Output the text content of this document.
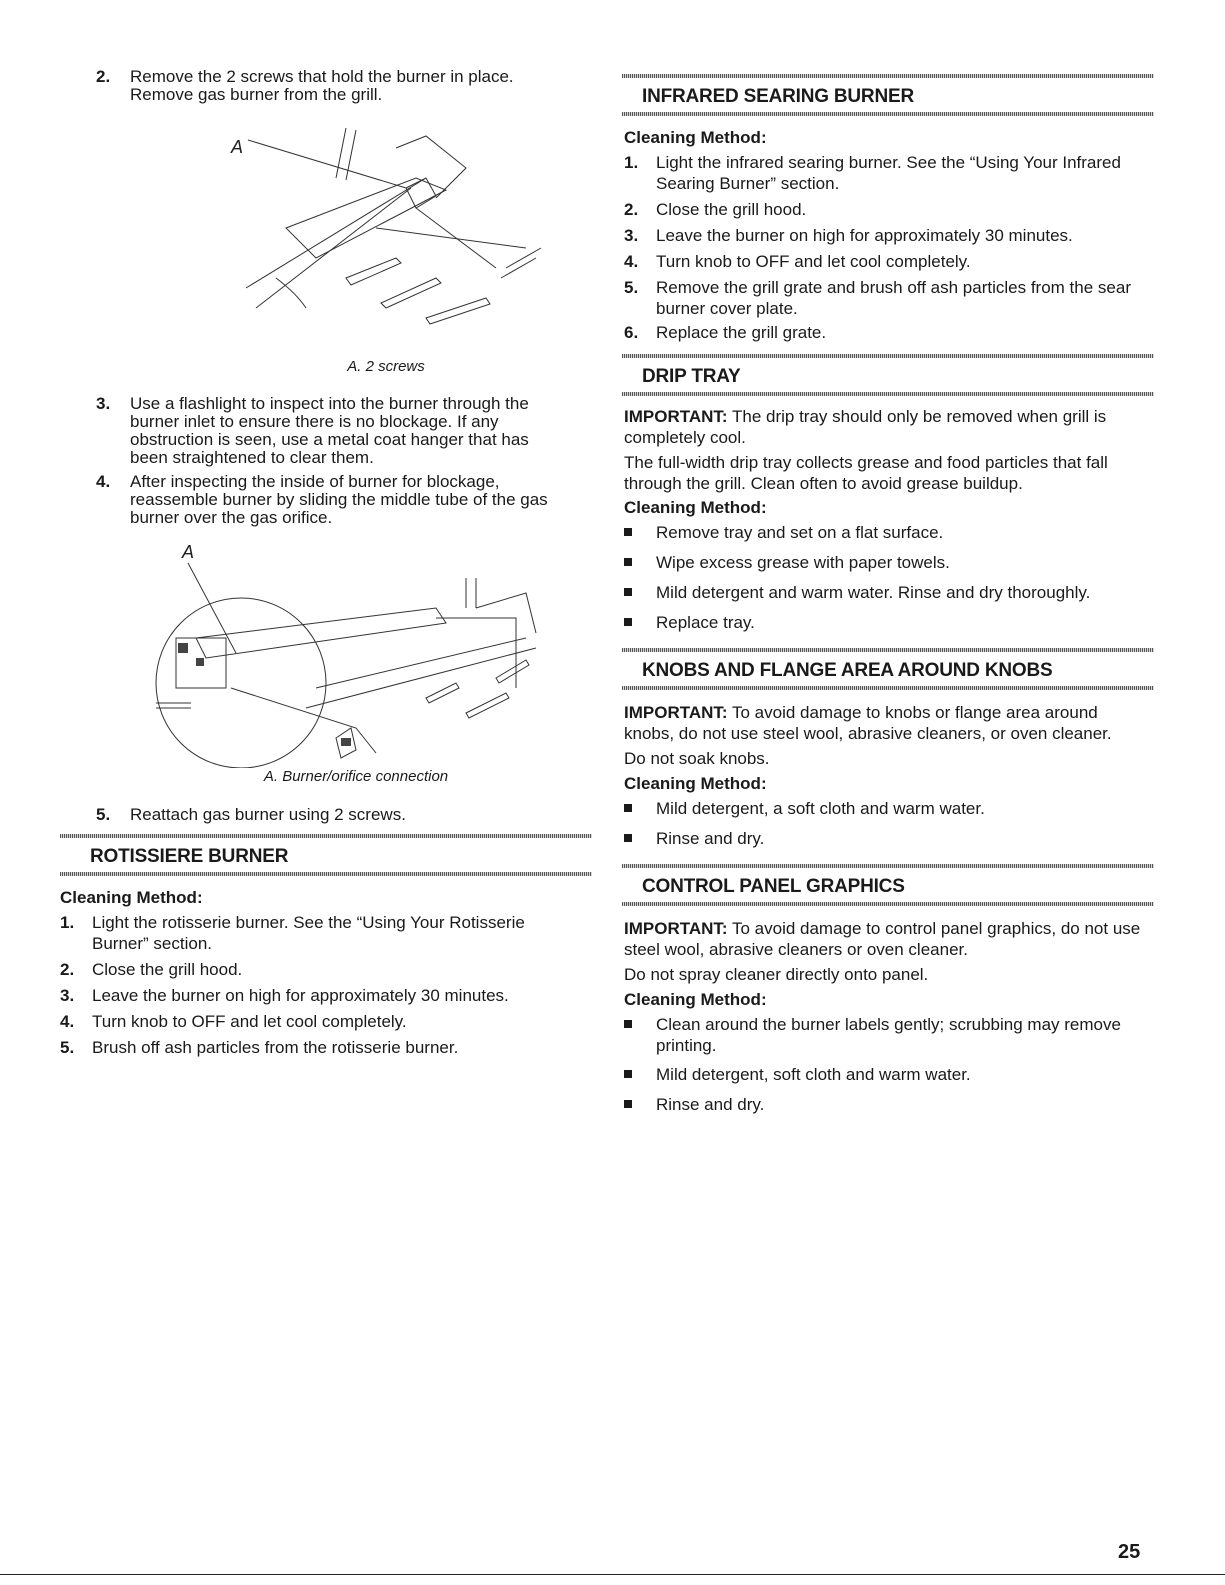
2.	Remove the 2 screws that hold the burner in place. Remove gas burner from the grill.
A
A. 2 screws
3.	Use a flashlight to inspect into the burner through the burner inlet to ensure there is no blockage. If any obstruction is seen, use a metal coat hanger that has been straightened to clear them.
4.	After inspecting the inside of burner for blockage, reassemble burner by sliding the middle tube of the gas burner over the gas orifice.
A
A. Burner/orifice connection
5.	Reattach gas burner using 2 screws.
ROTISSIERE BURNER
Cleaning Method:
1.	Light the rotisserie burner. See the “Using Your Rotisserie Burner” section.
2.	Close the grill hood.
3.	Leave the burner on high for approximately 30 minutes.
4.	Turn knob to OFF and let cool completely.
5.	Brush off ash particles from the rotisserie burner.
INFRARED SEARING BURNER
Cleaning Method:
1.	Light the infrared searing burner. See the “Using Your Infrared Searing Burner” section.
2.	Close the grill hood.
3.	Leave the burner on high for approximately 30 minutes.
4.	Turn knob to OFF and let cool completely.
5.	Remove the grill grate and brush off ash particles from the sear burner cover plate.
6.	Replace the grill grate.
DRIP TRAY
IMPORTANT: The drip tray should only be removed when grill is completely cool.
The full-width drip tray collects grease and food particles that fall through the grill. Clean often to avoid grease buildup.
Cleaning Method:
Remove tray and set on a flat surface.
Wipe excess grease with paper towels.
Mild detergent and warm water. Rinse and dry thoroughly.
Replace tray.
KNOBS AND FLANGE AREA AROUND KNOBS
IMPORTANT: To avoid damage to knobs or flange area around knobs, do not use steel wool, abrasive cleaners, or oven cleaner.
Do not soak knobs.
Cleaning Method:
Mild detergent, a soft cloth and warm water.
Rinse and dry.
CONTROL PANEL GRAPHICS
IMPORTANT: To avoid damage to control panel graphics, do not use steel wool, abrasive cleaners or oven cleaner.
Do not spray cleaner directly onto panel.
Cleaning Method:
Clean around the burner labels gently; scrubbing may remove printing.
Mild detergent, soft cloth and warm water.
Rinse and dry.
25
